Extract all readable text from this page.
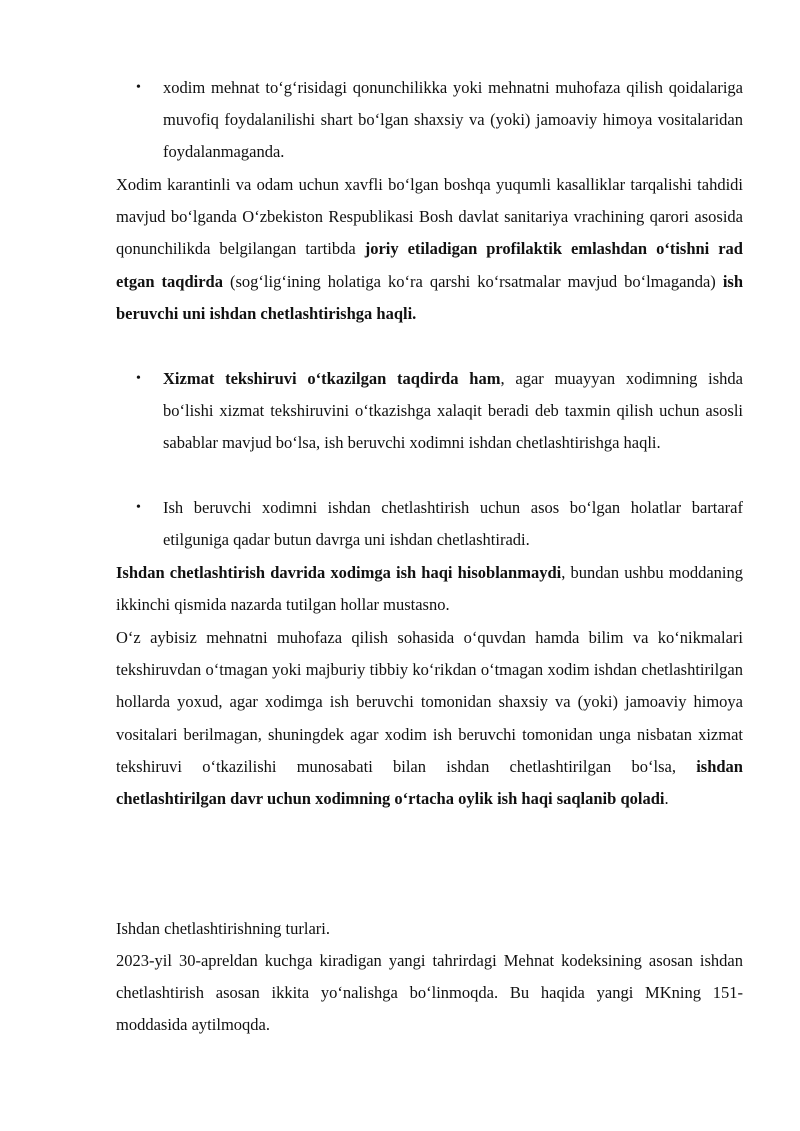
• xodim mehnat to‘g‘risidagi qonunchilikka yoki mehnatni muhofaza qilish qoidalariga muvofiq foydalanilishi shart bo‘lgan shaxsiy va (yoki) jamoaviy himoya vositalaridan foydalanmaganda.

Xodim karantinli va odam uchun xavfli bo‘lgan boshqa yuqumli kasalliklar tarqalishi tahdidi mavjud bo‘lganda O‘zbekiston Respublikasi Bosh davlat sanitariya vrachining qarori asosida qonunchilikda belgilangan tartibda joriy etiladigan profilaktik emlashdan o‘tishni rad etgan taqdirda (sog‘lig‘ining holatiga ko‘ra qarshi ko‘rsatmalar mavjud bo‘lmaganda) ish beruvchi uni ishdan chetlashtirishga haqli.

• Xizmat tekshiruvi o‘tkazilgan taqdirda ham, agar muayyan xodimning ishda bo‘lishi xizmat tekshiruvini o‘tkazishga xalaqit beradi deb taxmin qilish uchun asosli sabablar mavjud bo‘lsa, ish beruvchi xodimni ishdan chetlashtirishga haqli.

• Ish beruvchi xodimni ishdan chetlashtirish uchun asos bo‘lgan holatlar bartaraf etilguniga qadar butun davrga uni ishdan chetlashtiradi.

Ishdan chetlashtirish davrida xodimga ish haqi hisoblanmaydi, bundan ushbu moddaning ikkinchi qismida nazarda tutilgan hollar mustasno.

O‘z aybisiz mehnatni muhofaza qilish sohasida o‘quvdan hamda bilim va ko‘nikmalari tekshiruvdan o‘tmagan yoki majburiy tibbiy ko‘rikdan o‘tmagan xodim ishdan chetlashtirilgan hollarda yoxud, agar xodimga ish beruvchi tomonidan shaxsiy va (yoki) jamoaviy himoya vositalari berilmagan, shuningdek agar xodim ish beruvchi tomonidan unga nisbatan xizmat tekshiruvi o‘tkazilishi munosabati bilan ishdan chetlashtirilgan bo‘lsa, ishdan chetlashtirilgan davr uchun xodimning o‘rtacha oylik ish haqi saqlanib qoladi.

Ishdan chetlashtirishning turlari.

2023-yil 30-apreldan kuchga kiradigan yangi tahrirdagi Mehnat kodeksining asosan ishdan chetlashtirish asosan ikkita yo‘nalishga bo‘linmoqda. Bu haqida yangi MKning 151-moddasida aytilmoqda.
